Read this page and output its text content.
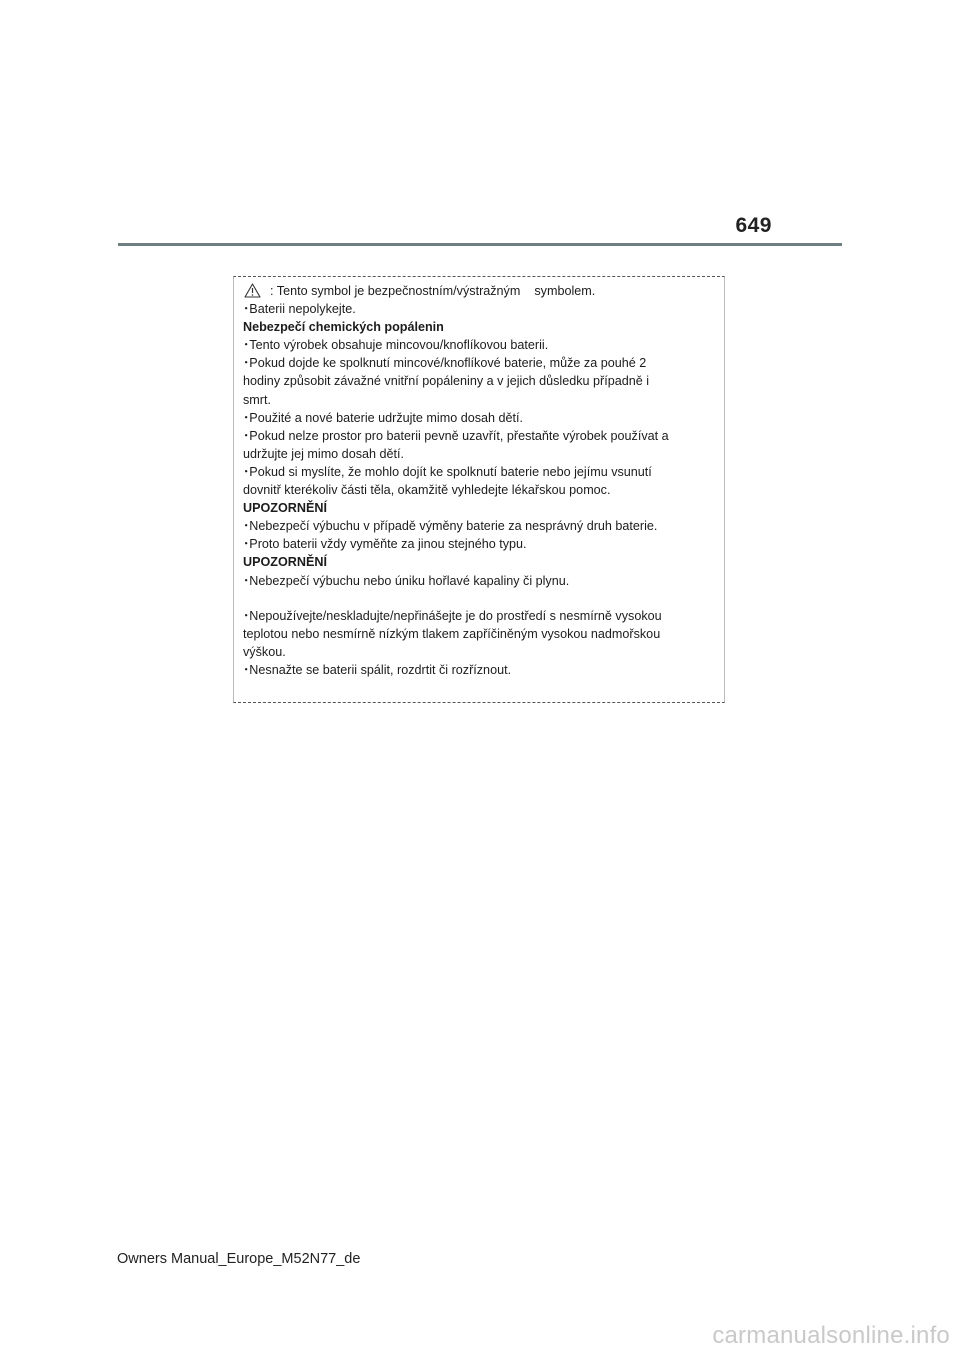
649
: Tento symbol je bezpečnostním/výstražným symbolem.
･Baterii nepolykejte.
Nebezpečí chemických popálenin
･Tento výrobek obsahuje mincovou/knoflíkovou baterii.
･Pokud dojde ke spolknutí mincové/knoflíkové baterie, může za pouhé 2
hodiny způsobit závažné vnitřní popáleniny a v jejich důsledku případně i
smrt.
･Použité a nové baterie udržujte mimo dosah dětí.
･Pokud nelze prostor pro baterii pevně uzavřít, přestaňte výrobek používat a
udržujte jej mimo dosah dětí.
･Pokud si myslíte, že mohlo dojít ke spolknutí baterie nebo jejímu vsunutí
dovnitř kterékoliv části těla, okamžitě vyhledejte lékařskou pomoc.
UPOZORNĚNÍ
･Nebezpečí výbuchu v případě výměny baterie za nesprávný druh baterie.
･Proto baterii vždy vyměňte za jinou stejného typu.
UPOZORNĚNÍ
･Nebezpečí výbuchu nebo úniku hořlavé kapaliny či plynu.
･Nepoužívejte/neskladujte/nepřinášejte je do prostředí s nesmírně vysokou
teplotou nebo nesmírně nízkým tlakem zapříčiněným vysokou nadmořskou
výškou.
･Nesnažte se baterii spálit, rozdrtit či rozříznout.
Owners Manual_Europe_M52N77_de
carmanualsonline.info
